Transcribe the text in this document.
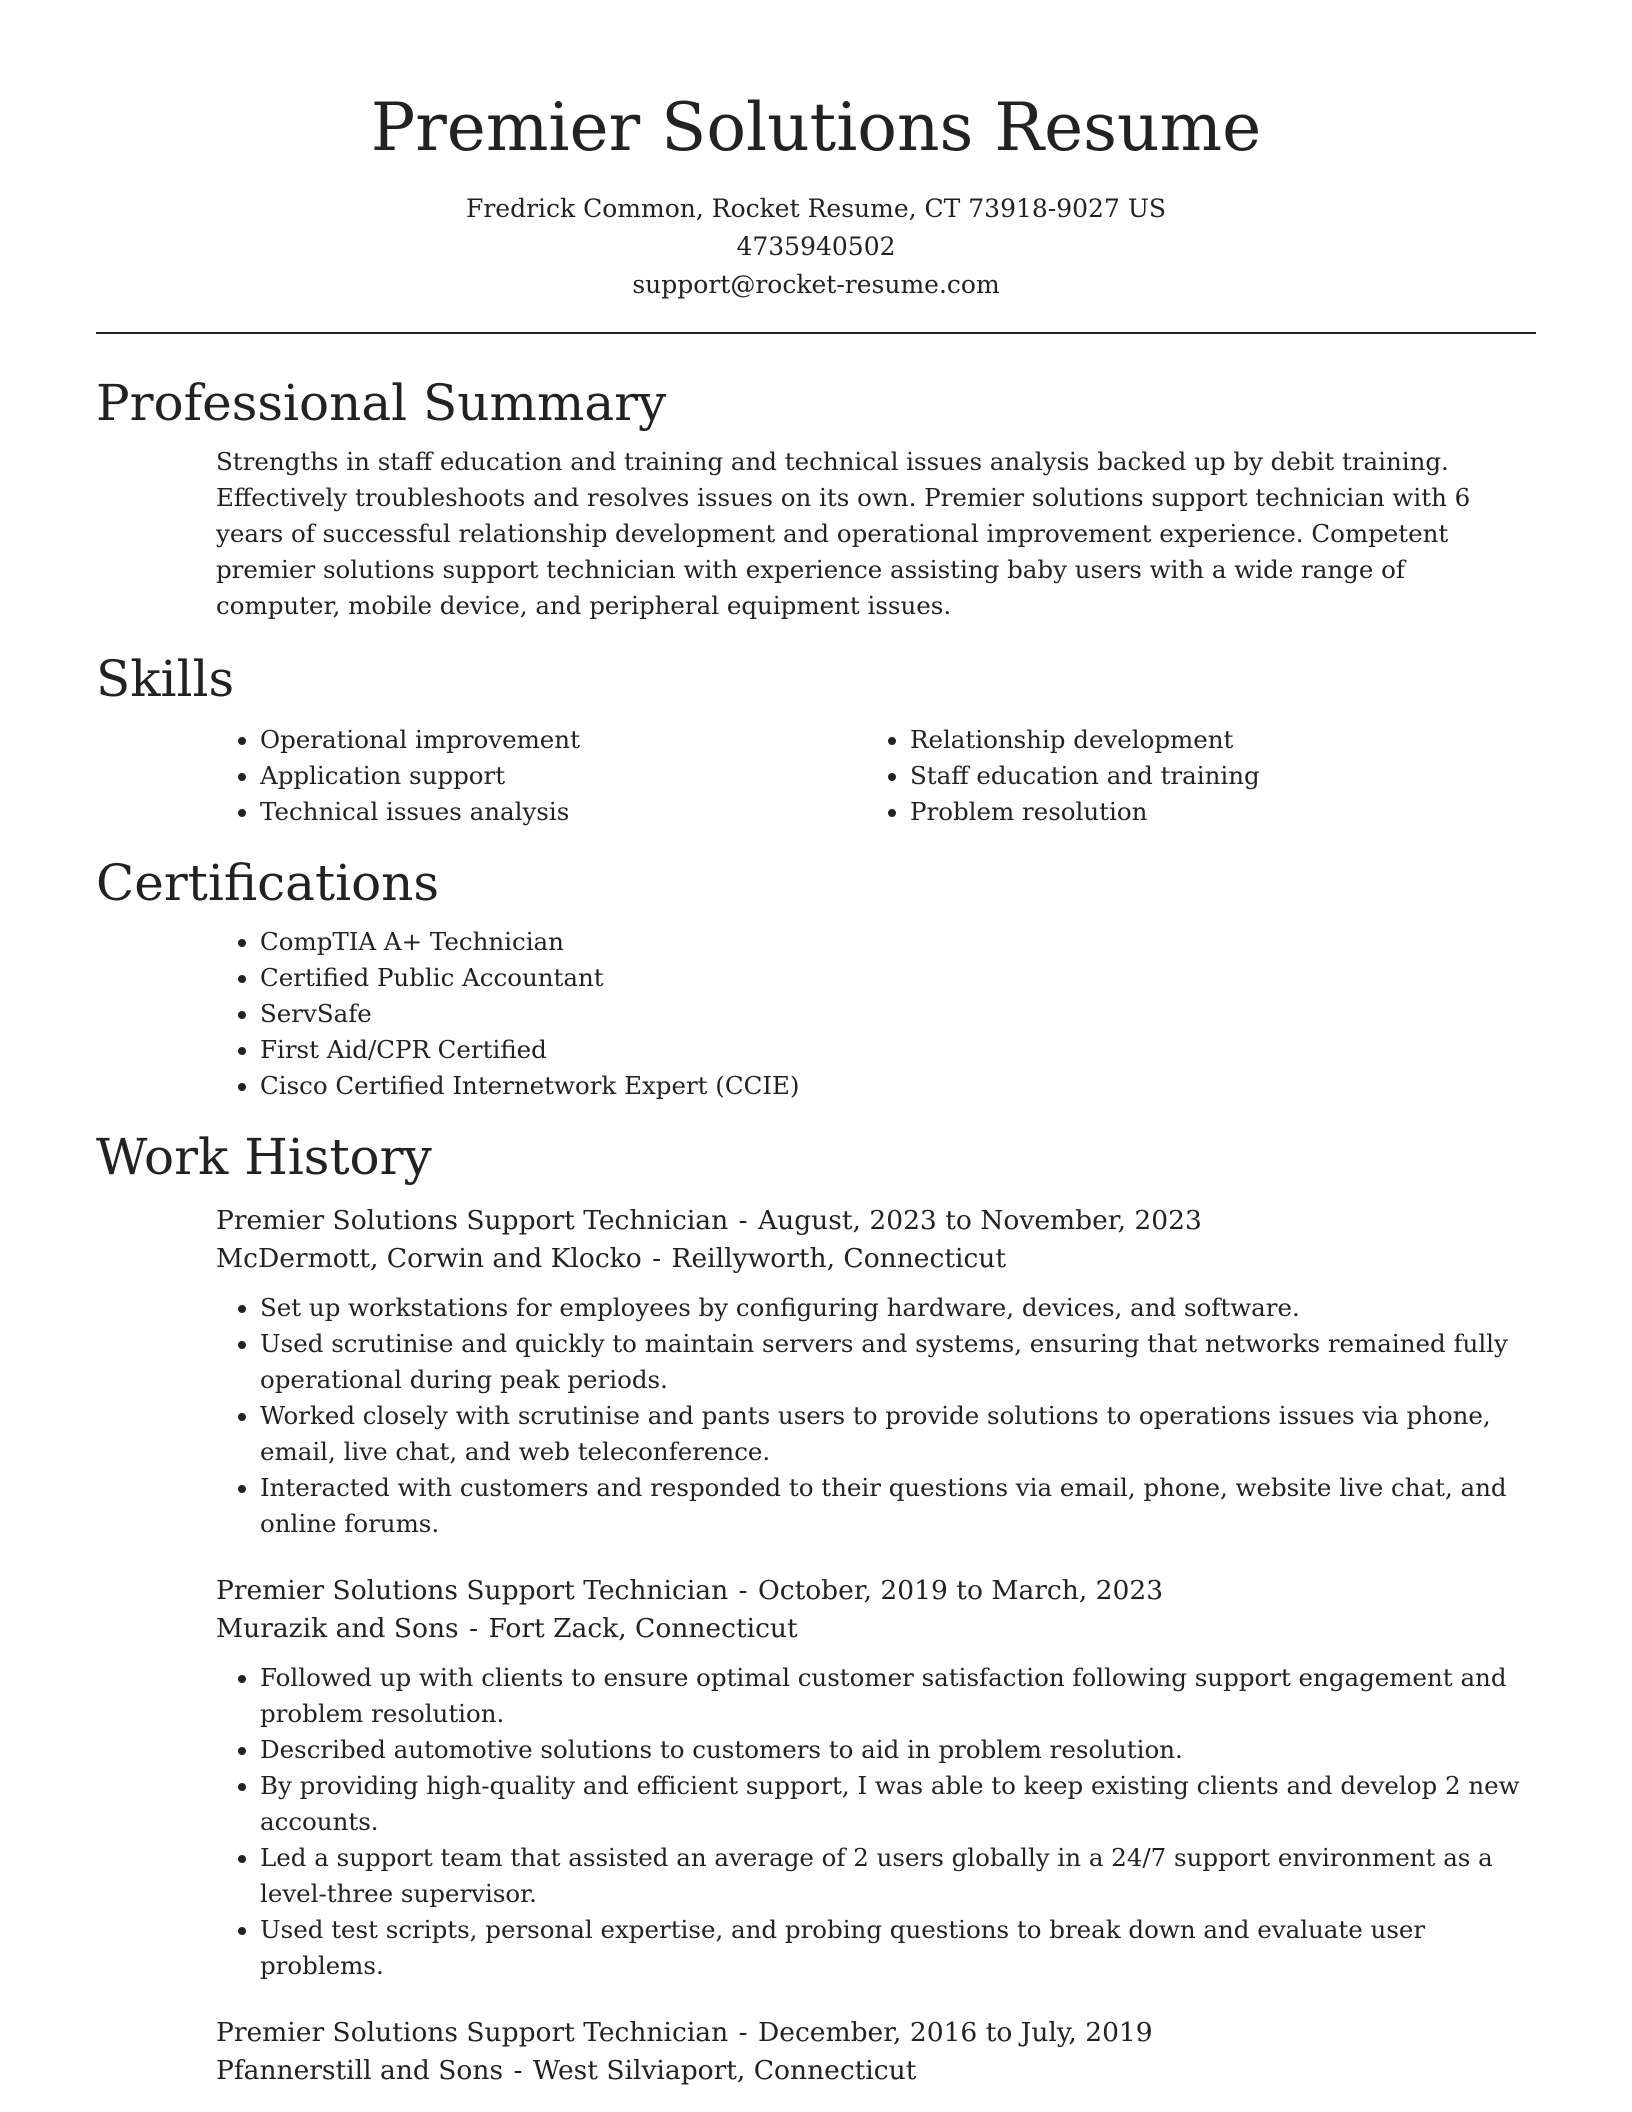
Premier Solutions Resume
Fredrick Common, Rocket Resume, CT 73918-9027 US
4735940502
support@rocket-resume.com
Professional Summary

Strengths in staff education and training and technical issues analysis backed up by debit training. Effectively troubleshoots and resolves issues on its own. Premier solutions support technician with 6 years of successful relationship development and operational improvement experience. Competent premier solutions support technician with experience assisting baby users with a wide range of computer, mobile device, and peripheral equipment issues.

Skills
• Operational improvement
• Application support
• Technical issues analysis
• Relationship development
• Staff education and training
• Problem resolution
Certifications
• CompTIA A+ Technician
• Certified Public Accountant
• ServSafe
• First Aid/CPR Certified
• Cisco Certified Internetwork Expert (CCIE)
Work History
Premier Solutions Support Technician - August, 2023 to November, 2023
McDermott, Corwin and Klocko - Reillyworth, Connecticut
• Set up workstations for employees by configuring hardware, devices, and software.
• Used scrutinise and quickly to maintain servers and systems, ensuring that networks remained fully operational during peak periods.
• Worked closely with scrutinise and pants users to provide solutions to operations issues via phone, email, live chat, and web teleconference.
• Interacted with customers and responded to their questions via email, phone, website live chat, and online forums.
Premier Solutions Support Technician - October, 2019 to March, 2023
Murazik and Sons - Fort Zack, Connecticut
• Followed up with clients to ensure optimal customer satisfaction following support engagement and problem resolution.
• Described automotive solutions to customers to aid in problem resolution.
• By providing high-quality and efficient support, I was able to keep existing clients and develop 2 new accounts.
• Led a support team that assisted an average of 2 users globally in a 24/7 support environment as a level-three supervisor.
• Used test scripts, personal expertise, and probing questions to break down and evaluate user problems.
Premier Solutions Support Technician - December, 2016 to July, 2019
Pfannerstill and Sons - West Silviaport, Connecticut
